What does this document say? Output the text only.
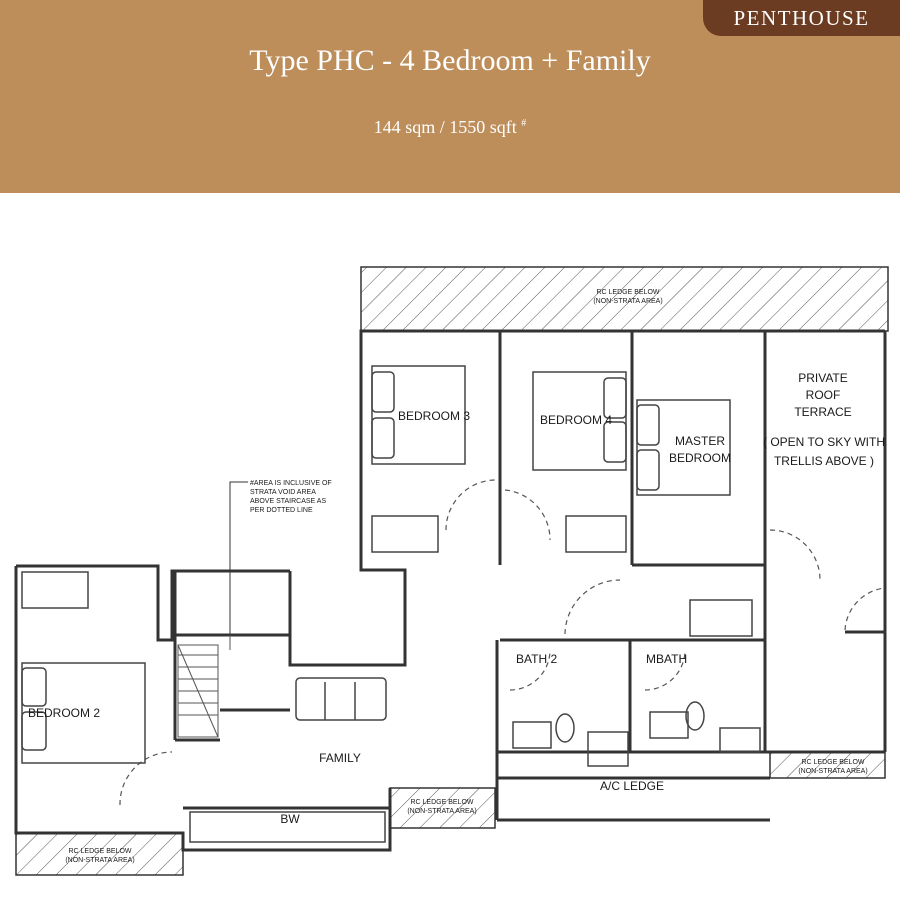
PENTHOUSE
Type PHC - 4 Bedroom + Family
144 sqm / 1550 sqft #
BEDROOM 2
BEDROOM 3	BEDROOM 4
MASTER
BEDROOM
PRIVATE
ROOF
TERRACE
( OPEN TO SKY WITH
TRELLIS ABOVE )
FAMILY
BATH 2	MBATH
A/C LEDGE
BW
RC LEDGE BELOW
(NON-STRATA AREA)
RC LEDGE BELOW
(NON-STRATA AREA)
RC LEDGE BELOW
(NON-STRATA AREA)
RC LEDGE BELOW
(NON-STRATA AREA)
#AREA IS INCLUSIVE OF
STRATA VOID AREA
ABOVE STAIRCASE AS
PER DOTTED LINE
